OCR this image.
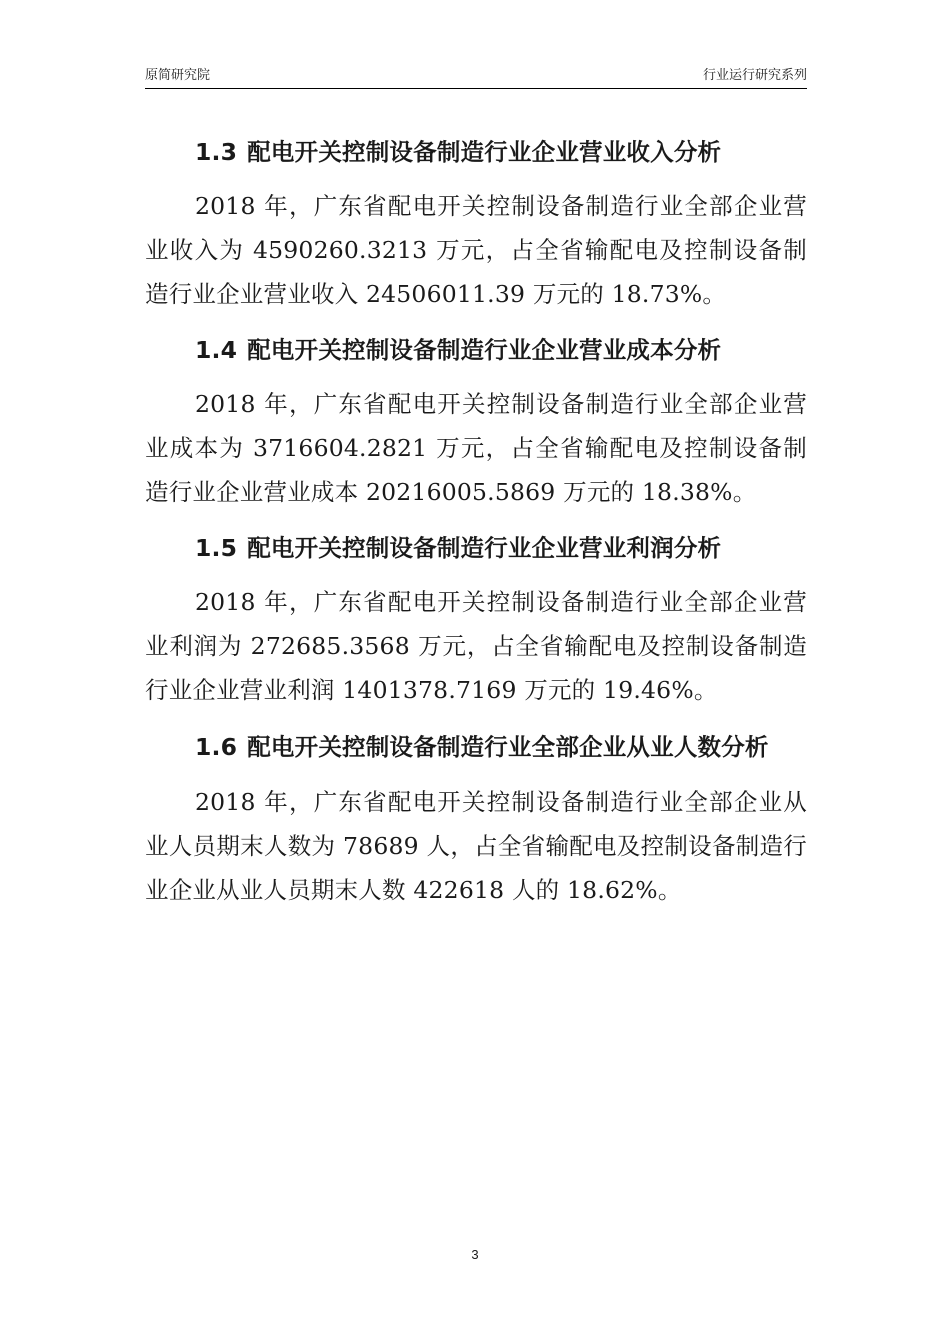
原简研究院	行业运行研究系列
1.3 配电开关控制设备制造行业企业营业收入分析

2018 年，广东省配电开关控制设备制造行业全部企业营业收入为 4590260.3213 万元，占全省输配电及控制设备制造行业企业营业收入 24506011.39 万元的 18.73%。

1.4 配电开关控制设备制造行业企业营业成本分析

2018 年，广东省配电开关控制设备制造行业全部企业营业成本为 3716604.2821 万元，占全省输配电及控制设备制造行业企业营业成本 20216005.5869 万元的 18.38%。

1.5 配电开关控制设备制造行业企业营业利润分析

2018 年，广东省配电开关控制设备制造行业全部企业营业利润为 272685.3568 万元，占全省输配电及控制设备制造行业企业营业利润 1401378.7169 万元的 19.46%。

1.6 配电开关控制设备制造行业全部企业从业人数分析

2018 年，广东省配电开关控制设备制造行业全部企业从业人员期末人数为 78689 人，占全省输配电及控制设备制造行业企业从业人员期末人数 422618 人的 18.62%。

3
